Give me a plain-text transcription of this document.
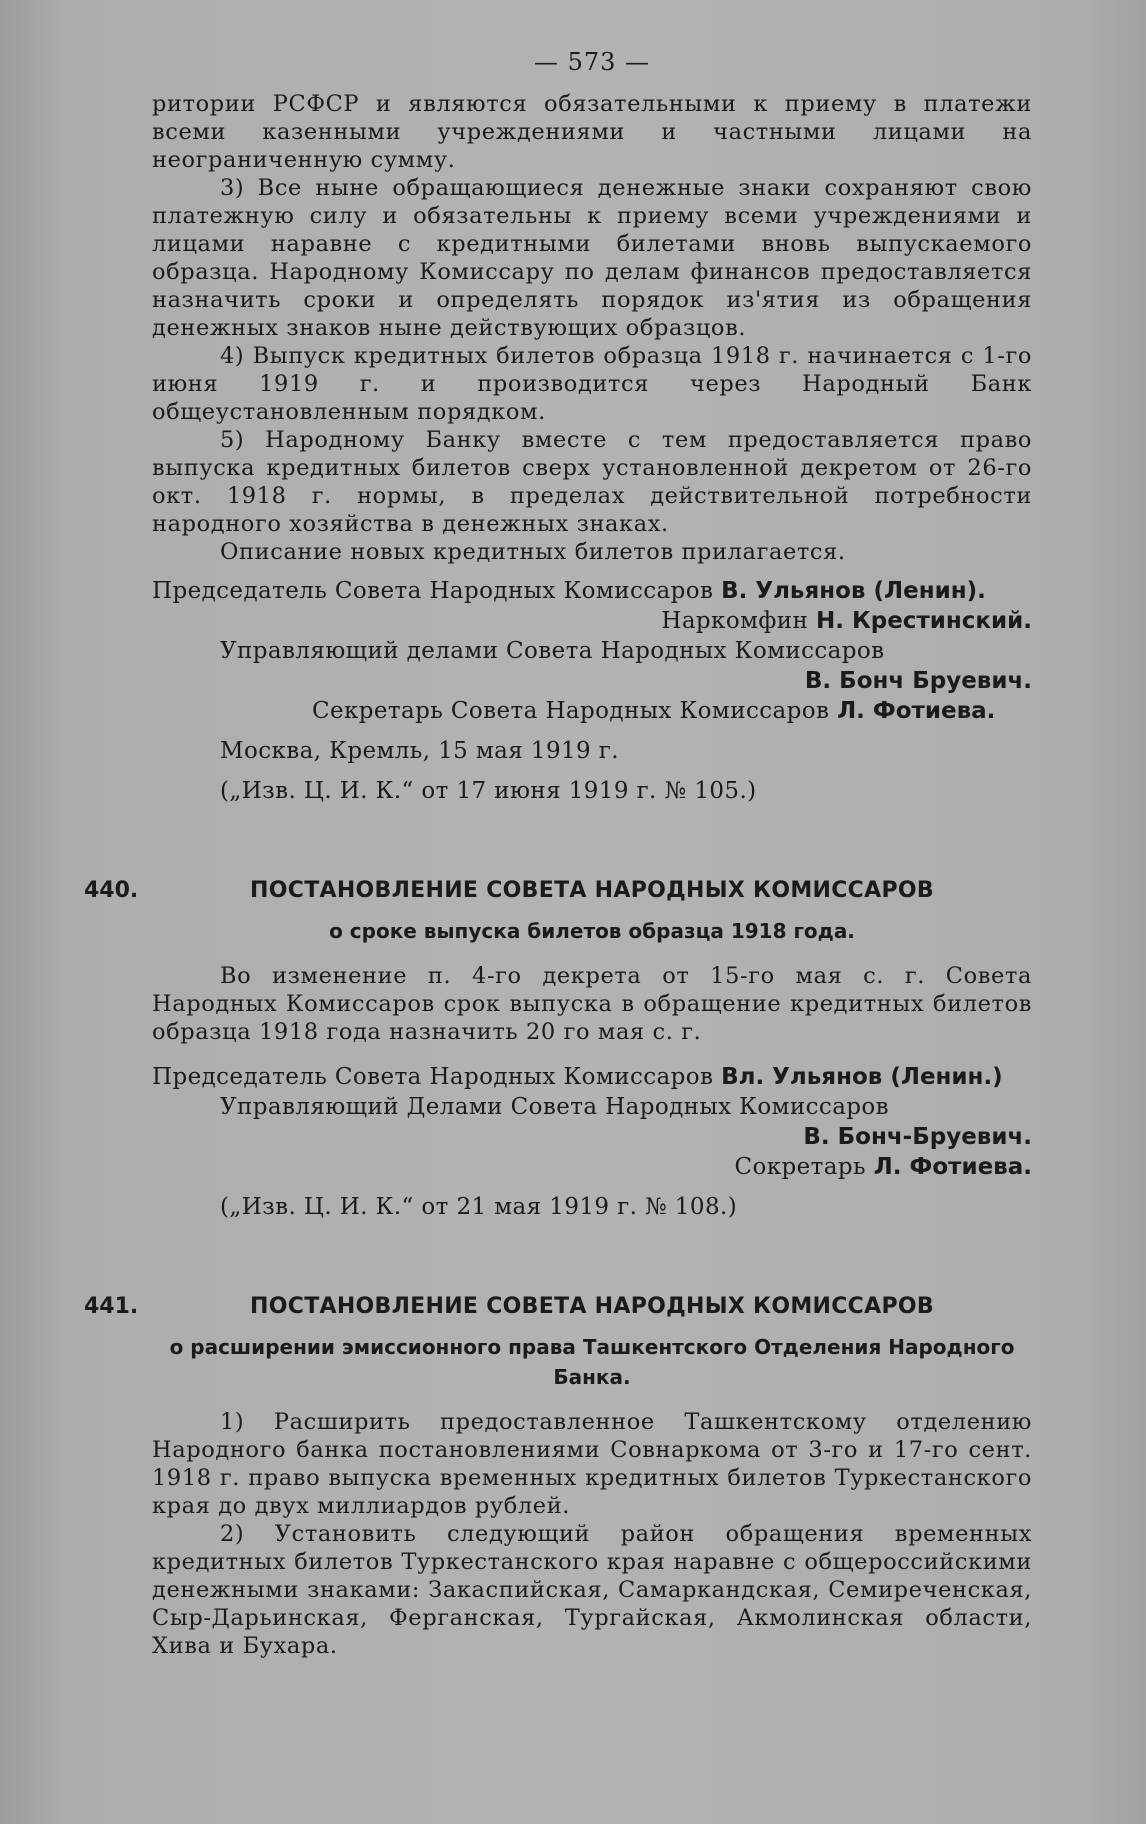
— 573 —

ритории РСФСР и являются обязательными к приему в платежи всеми казенными учреждениями и частными лицами на неограниченную сумму.

3) Все ныне обращающиеся денежные знаки сохраняют свою платежную силу и обязательны к приему всеми учреждениями и лицами наравне с кредитными билетами вновь выпускаемого образца. Народному Комиссару по делам финансов предоставляется назначить сроки и определять порядок из'ятия из обращения денежных знаков ныне действующих образцов.

4) Выпуск кредитных билетов образца 1918 г. начинается с 1-го июня 1919 г. и производится через Народный Банк общеустановленным порядком.

5) Народному Банку вместе с тем предоставляется право выпуска кредитных билетов сверх установленной декретом от 26-го окт. 1918 г. нормы, в пределах действительной потребности народного хозяйства в денежных знаках.

Описание новых кредитных билетов прилагается.

Председатель Совета Народных Комиссаров В. Ульянов (Ленин).
Наркомфин Н. Крестинский.
Управляющий делами Совета Народных Комиссаров
В. Бонч Бруевич.
Секретарь Совета Народных Комиссаров Л. Фотиева.
Москва, Кремль, 15 мая 1919 г.
(„Изв. Ц. И. К.“ от 17 июня 1919 г. № 105.)
440.	ПОСТАНОВЛЕНИЕ СОВЕТА НАРОДНЫХ КОМИССАРОВ
о сроке выпуска билетов образца 1918 года.

Во изменение п. 4-го декрета от 15-го мая с. г. Совета Народных Комиссаров срок выпуска в обращение кредитных билетов образца 1918 года назначить 20 го мая с. г.

Председатель Совета Народных Комиссаров Вл. Ульянов (Ленин.)
Управляющий Делами Совета Народных Комиссаров
В. Бонч-Бруевич.
Сокретарь Л. Фотиева.
(„Изв. Ц. И. К.“ от 21 мая 1919 г. № 108.)
441.	ПОСТАНОВЛЕНИЕ СОВЕТА НАРОДНЫХ КОМИССАРОВ
о расширении эмиссионного права Ташкентского Отделения Народного
Банка.

1) Расширить предоставленное Ташкентскому отделению Народного банка постановлениями Совнаркома от 3-го и 17-го сент. 1918 г. право выпуска временных кредитных билетов Туркестанского края до двух миллиардов рублей.

2) Установить следующий район обращения временных кредитных билетов Туркестанского края наравне с общероссийскими денежными знаками: Закаспийская, Самаркандская, Семиреченская, Сыр-Дарьинская, Ферганская, Тургайская, Акмолинская области, Хива и Бухара.
